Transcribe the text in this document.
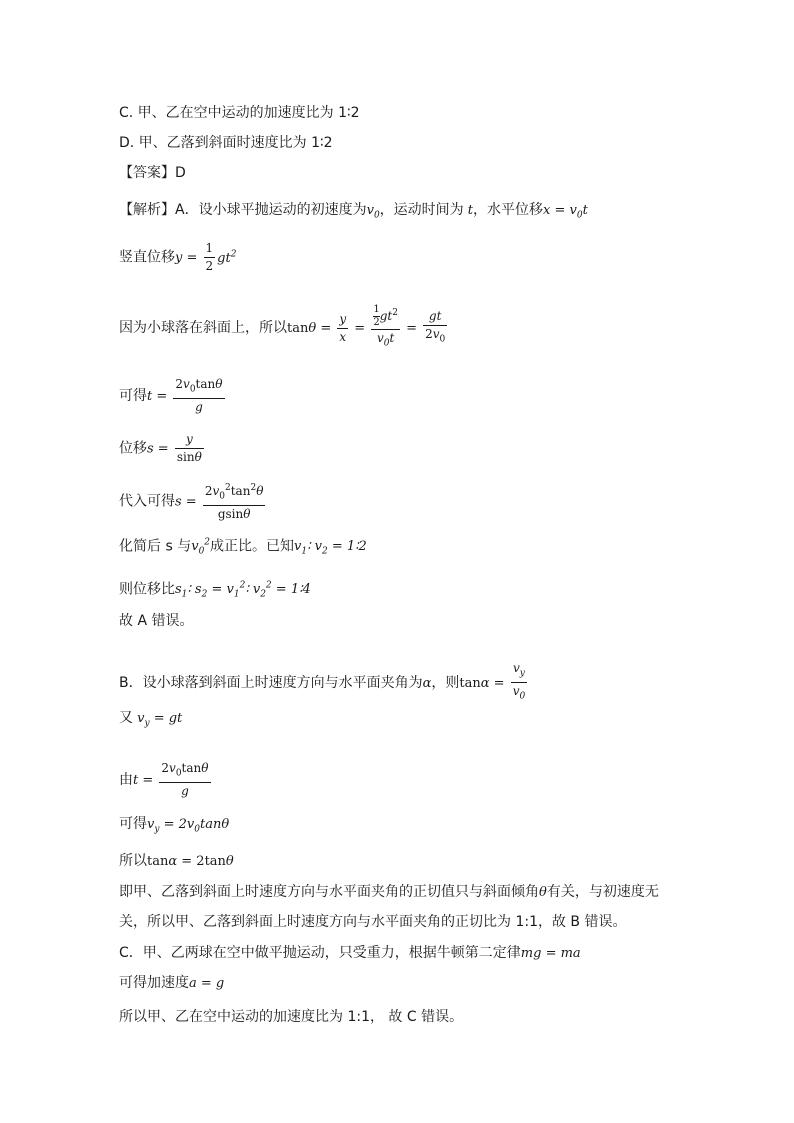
C. 甲、乙在空中运动的加速度比为 1∶2
D. 甲、乙落到斜面时速度比为 1∶2
【答案】D
【解析】A．设小球平抛运动的初速度为$v_0$，运动时间为 t，水平位移$x = v_0t$
竖直位移$y = \frac{1}{2} gt^2$
因为小球落在斜面上，所以$\tan\theta = \frac{y}{x} = \frac{\frac{1}{2} gt^2}{v_0t} = \frac{gt}{2v_0}$
可得$t = \frac{2v_0\tan\theta}{g}$
位移$s = \frac{y}{\sin\theta}$
代入可得$s = \frac{2v_0^2\tan^2\theta}{gsin\theta}$
化简后 s 与$v_0^2$成正比。已知$v_1∶$ $v_2$ = 1∶2
则位移比$s_1∶$ $s_2$ = $v_1^2∶$ $v_2^2$ = 1∶4
故 A 错误。
B．设小球落到斜面上时速度方向与水平面夹角为α，则$\tan\alpha = \frac{v_y}{v_0}$
又 $v_y$ = gt
由$t = \frac{2v_0\tan\theta}{g}$
可得$v_y = 2v_0\tan\theta$
所以tanα = 2tanθ
即甲、乙落到斜面上时速度方向与水平面夹角的正切值只与斜面倾角θ有关，与初速度无
关，所以甲、乙落到斜面上时速度方向与水平面夹角的正切比为 1:1，故 B 错误。
C．甲、乙两球在空中做平抛运动，只受重力，根据牛顿第二定律mg = ma
可得加速度a = g
所以甲、乙在空中运动的加速度比为 1:1， 故 C 错误。
